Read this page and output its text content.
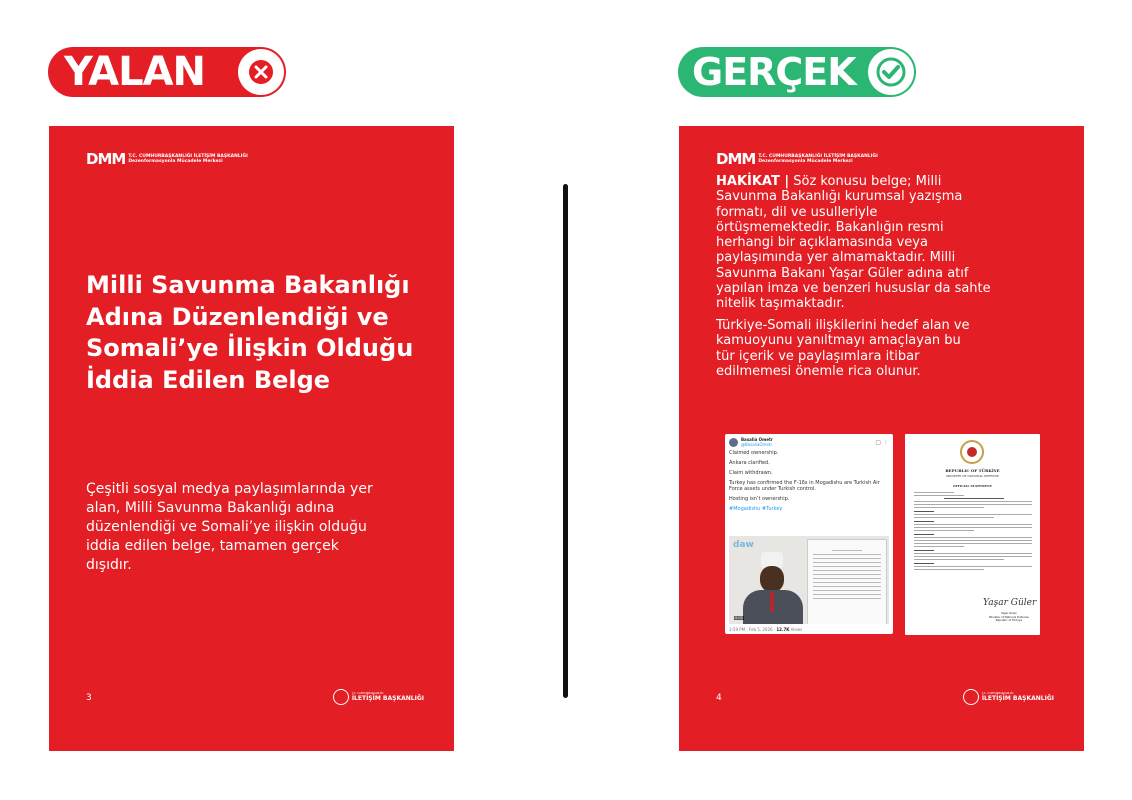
YALAN	GERÇEK
DMM T.C. CUMHURBAŞKANLIĞI İLETİŞİM BAŞKANLIĞI
Dezenformasyonla Mücadele Merkezi
Milli Savunma Bakanlığı Adına Düzenlendiği ve Somali’ye İlişkin Olduğu İddia Edilen Belge
Çeşitli sosyal medya paylaşımlarında yer alan, Milli Savunma Bakanlığı adına düzenlendiği ve Somali’ye ilişkin olduğu iddia edilen belge, tamamen gerçek dışıdır.
3	T.C. CUMHURBAŞKANLIĞI
İLETİŞİM BAŞKANLIĞI
DMM T.C. CUMHURBAŞKANLIĞI İLETİŞİM BAŞKANLIĞI
Dezenformasyonla Mücadele Merkezi
HAKİKAT | Söz konusu belge; Milli Savunma Bakanlığı kurumsal yazışma formatı, dil ve usulleriyle örtüşmemektedir. Bakanlığın resmi herhangi bir açıklamasında veya paylaşımında yer almamaktadır. Milli Savunma Bakanı Yaşar Güler adına atıf yapılan imza ve benzeri hususlar da sahte nitelik taşımaktadır.
Türkiye-Somali ilişkilerini hedef alan ve kamuoyunu yanıltmayı amaçlayan bu tür içerik ve paylaşımlara itibar edilmemesi önemle rica olunur.
Basalia Ometr
@BasaliaOmetr	▢ ⋮
Claimed ownership.
Ankara clarified.
Claim withdrawn.
Turkey has confirmed the F-16s in Mogadishu are Turkish Air Force assets under Turkish control.
Hosting isn’t ownership.
#Mogadishu #Turkey
daw
0:05
3:59 PM · Feb 5, 2026 · 12.7K Views
REPUBLIC OF TÜRKİYE
MINISTRY OF NATIONAL DEFENSE
OFFICIAL STATEMENT
Yaşar Güler
Yaşar Güler
Minister of National Defense
Republic of Türkiye
4	T.C. CUMHURBAŞKANLIĞI
İLETİŞİM BAŞKANLIĞI
